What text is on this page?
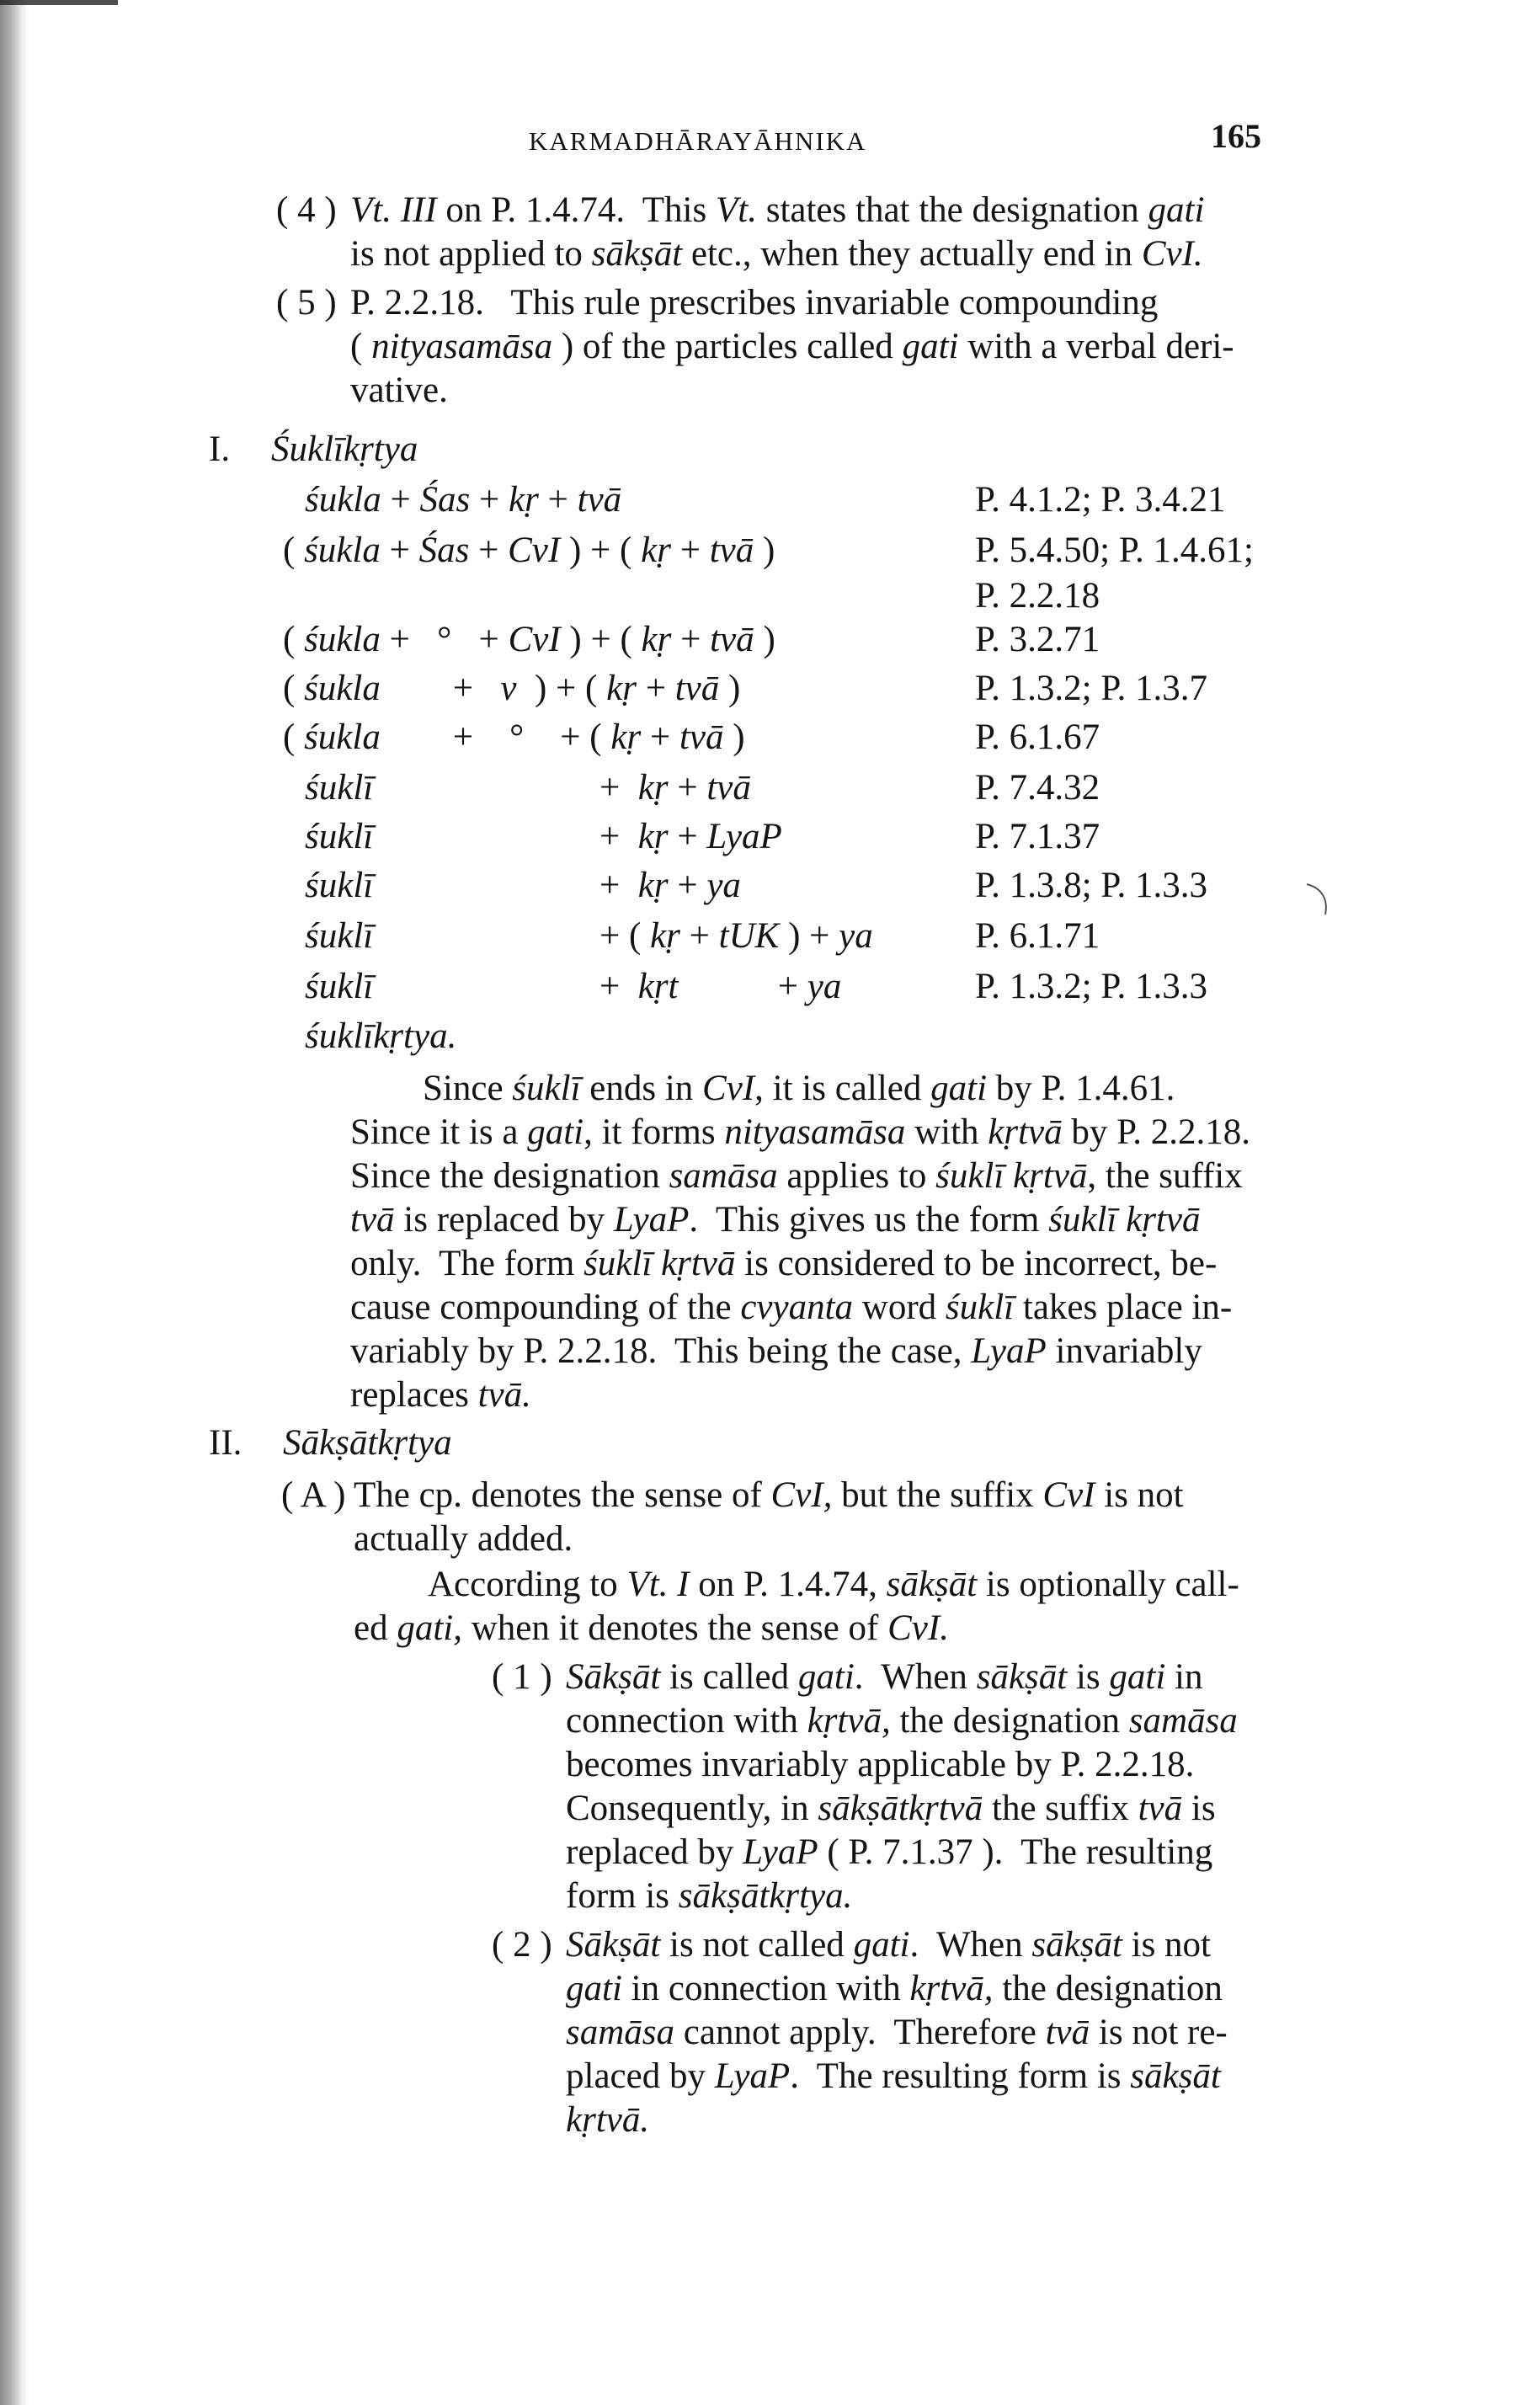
KARMADHĀRAYĀHNIKA	165
( 4 ) Vt. III on P. 1.4.74.  This Vt. states that the designation gati
is not applied to sākṣāt etc., when they actually end in CvI.
( 5 ) P. 2.2.18.   This rule prescribes invariable compounding
( nityasamāsa ) of the particles called gati with a verbal deri-
vative.
I. Śuklīkṛtya
śukla + Śas + kṛ + tvā	P. 4.1.2; P. 3.4.21
( śukla + Śas + CvI ) + ( kṛ + tvā )	P. 5.4.50; P. 1.4.61;
P. 2.2.18
( śukla +   °   + CvI ) + ( kṛ + tvā )	P. 3.2.71
( śukla        +   v  ) + ( kṛ + tvā )	P. 1.3.2; P. 1.3.7
( śukla        +    °    + ( kṛ + tvā )	P. 6.1.67
śuklī                         +  kṛ + tvā	P. 7.4.32
śuklī                         +  kṛ + LyaP	P. 7.1.37
śuklī                         +  kṛ + ya	P. 1.3.8; P. 1.3.3
śuklī                         + ( kṛ + tUK ) + ya	P. 6.1.71
śuklī                         +  kṛt           + ya	P. 1.3.2; P. 1.3.3
śuklīkṛtya.
Since śuklī ends in CvI, it is called gati by P. 1.4.61.
Since it is a gati, it forms nityasamāsa with kṛtvā by P. 2.2.18.
Since the designation samāsa applies to śuklī kṛtvā, the suffix
tvā is replaced by LyaP.  This gives us the form śuklī kṛtvā
only.  The form śuklī kṛtvā is considered to be incorrect, be-
cause compounding of the cvyanta word śuklī takes place in-
variably by P. 2.2.18.  This being the case, LyaP invariably
replaces tvā.
II. Sākṣātkṛtya
( A ) The cp. denotes the sense of CvI, but the suffix CvI is not
actually added.
According to Vt. I on P. 1.4.74, sākṣāt is optionally call-
ed gati, when it denotes the sense of CvI.
( 1 ) Sākṣāt is called gati.  When sākṣāt is gati in
connection with kṛtvā, the designation samāsa
becomes invariably applicable by P. 2.2.18.
Consequently, in sākṣātkṛtvā the suffix tvā is
replaced by LyaP ( P. 7.1.37 ).  The resulting
form is sākṣātkṛtya.
( 2 ) Sākṣāt is not called gati.  When sākṣāt is not
gati in connection with kṛtvā, the designation
samāsa cannot apply.  Therefore tvā is not re-
placed by LyaP.  The resulting form is sākṣāt
kṛtvā.
